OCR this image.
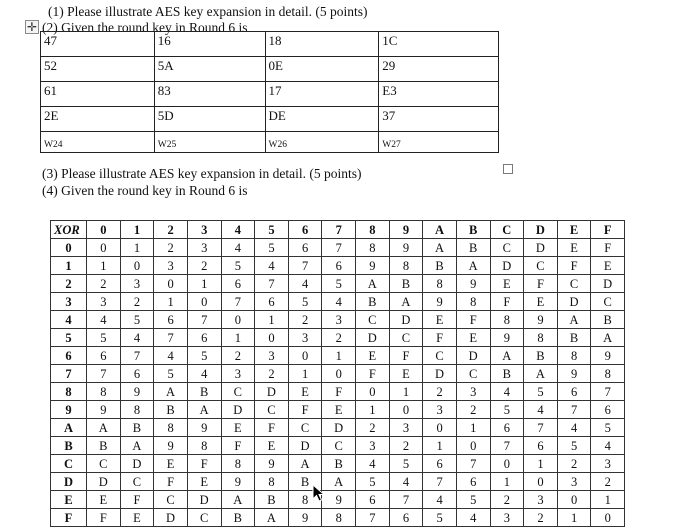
(1) Please illustrate AES key expansion in detail. (5 points)
✛ (2) Given the round key in Round 6 is
47	16	18	1C
52	5A	0E	29
61	83	17	E3
2E	5D	DE	37
W24	W25	W26	W27
(3) Please illustrate AES key expansion in detail. (5 points)
(4) Given the round key in Round 6 is
XOR	0	1	2	3	4	5	6	7	8	9	A	B	C	D	E	F
0	0	1	2	3	4	5	6	7	8	9	A	B	C	D	E	F
1	1	0	3	2	5	4	7	6	9	8	B	A	D	C	F	E
2	2	3	0	1	6	7	4	5	A	B	8	9	E	F	C	D
3	3	2	1	0	7	6	5	4	B	A	9	8	F	E	D	C
4	4	5	6	7	0	1	2	3	C	D	E	F	8	9	A	B
5	5	4	7	6	1	0	3	2	D	C	F	E	9	8	B	A
6	6	7	4	5	2	3	0	1	E	F	C	D	A	B	8	9
7	7	6	5	4	3	2	1	0	F	E	D	C	B	A	9	8
8	8	9	A	B	C	D	E	F	0	1	2	3	4	5	6	7
9	9	8	B	A	D	C	F	E	1	0	3	2	5	4	7	6
A	A	B	8	9	E	F	C	D	2	3	0	1	6	7	4	5
B	B	A	9	8	F	E	D	C	3	2	1	0	7	6	5	4
C	C	D	E	F	8	9	A	B	4	5	6	7	0	1	2	3
D	D	C	F	E	9	8	B	A	5	4	7	6	1	0	3	2
E	E	F	C	D	A	B	8	9	6	7	4	5	2	3	0	1
F	F	E	D	C	B	A	9	8	7	6	5	4	3	2	1	0
